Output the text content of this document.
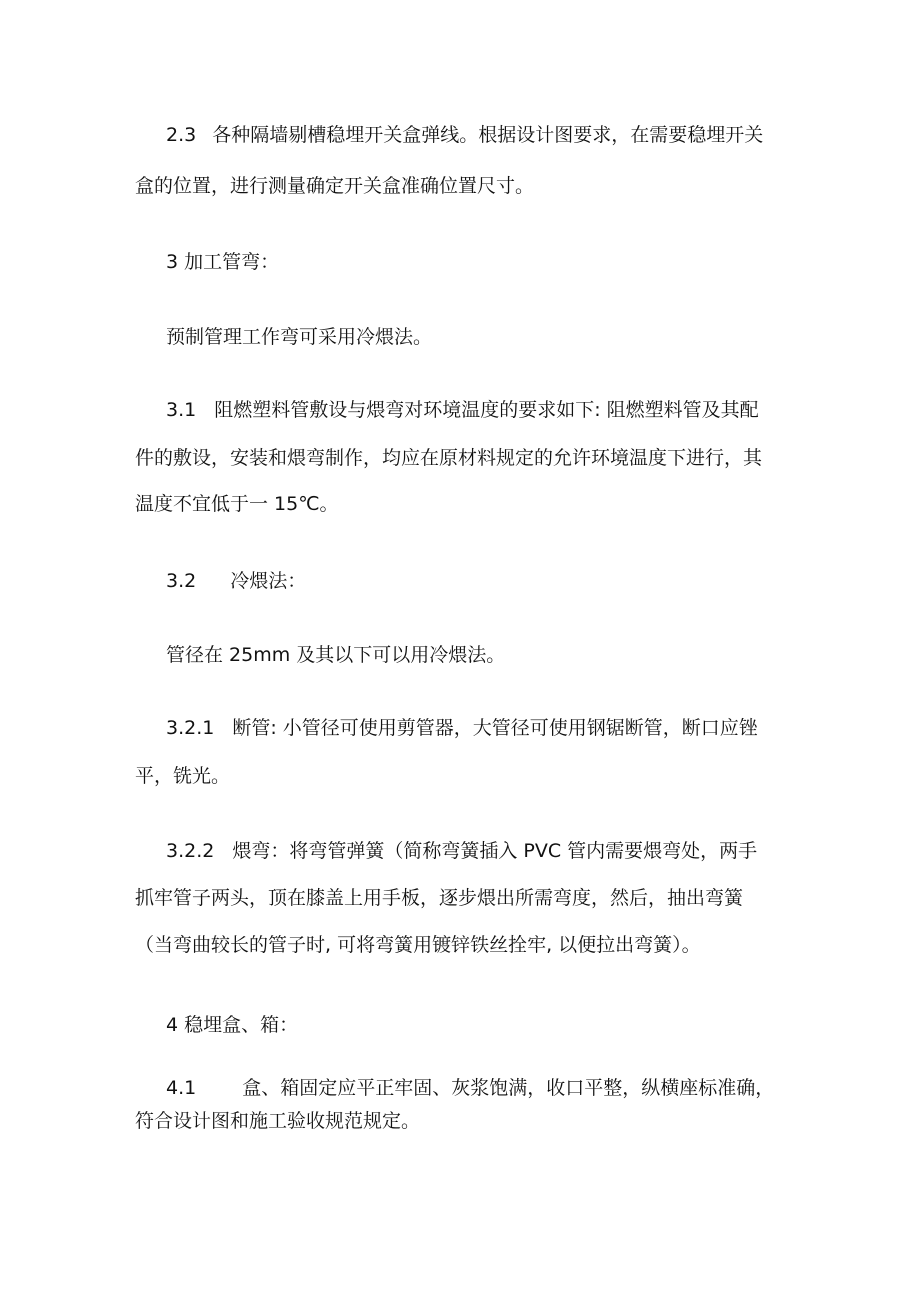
2.3 各种隔墙剔槽稳埋开关盒弹线。根据设计图要求，在需要稳埋开关
盒的位置，进行测量确定开关盒准确位置尺寸。
3 加工管弯：
预制管理工作弯可采用冷煨法。
3.1 阻燃塑料管敷设与煨弯对环境温度的要求如下: 阻燃塑料管及其配
件的敷设，安装和煨弯制作，均应在原材料规定的允许环境温度下进行，其
温度不宜低于一 15℃。
3.2 冷煨法：
管径在 25mm 及其以下可以用冷煨法。
3.2.1 断管: 小管径可使用剪管器，大管径可使用钢锯断管，断口应锉
平，铣光。
3.2.2 煨弯：将弯管弹簧（简称弯簧插入 PVC 管内需要煨弯处，两手
抓牢管子两头，顶在膝盖上用手板，逐步煨出所需弯度，然后，抽出弯簧
（当弯曲较长的管子时, 可将弯簧用镀锌铁丝拴牢, 以便拉出弯簧）。
4 稳埋盒、箱：
4.1 盒、箱固定应平正牢固、灰浆饱满，收口平整，纵横座标准确，
符合设计图和施工验收规范规定。
